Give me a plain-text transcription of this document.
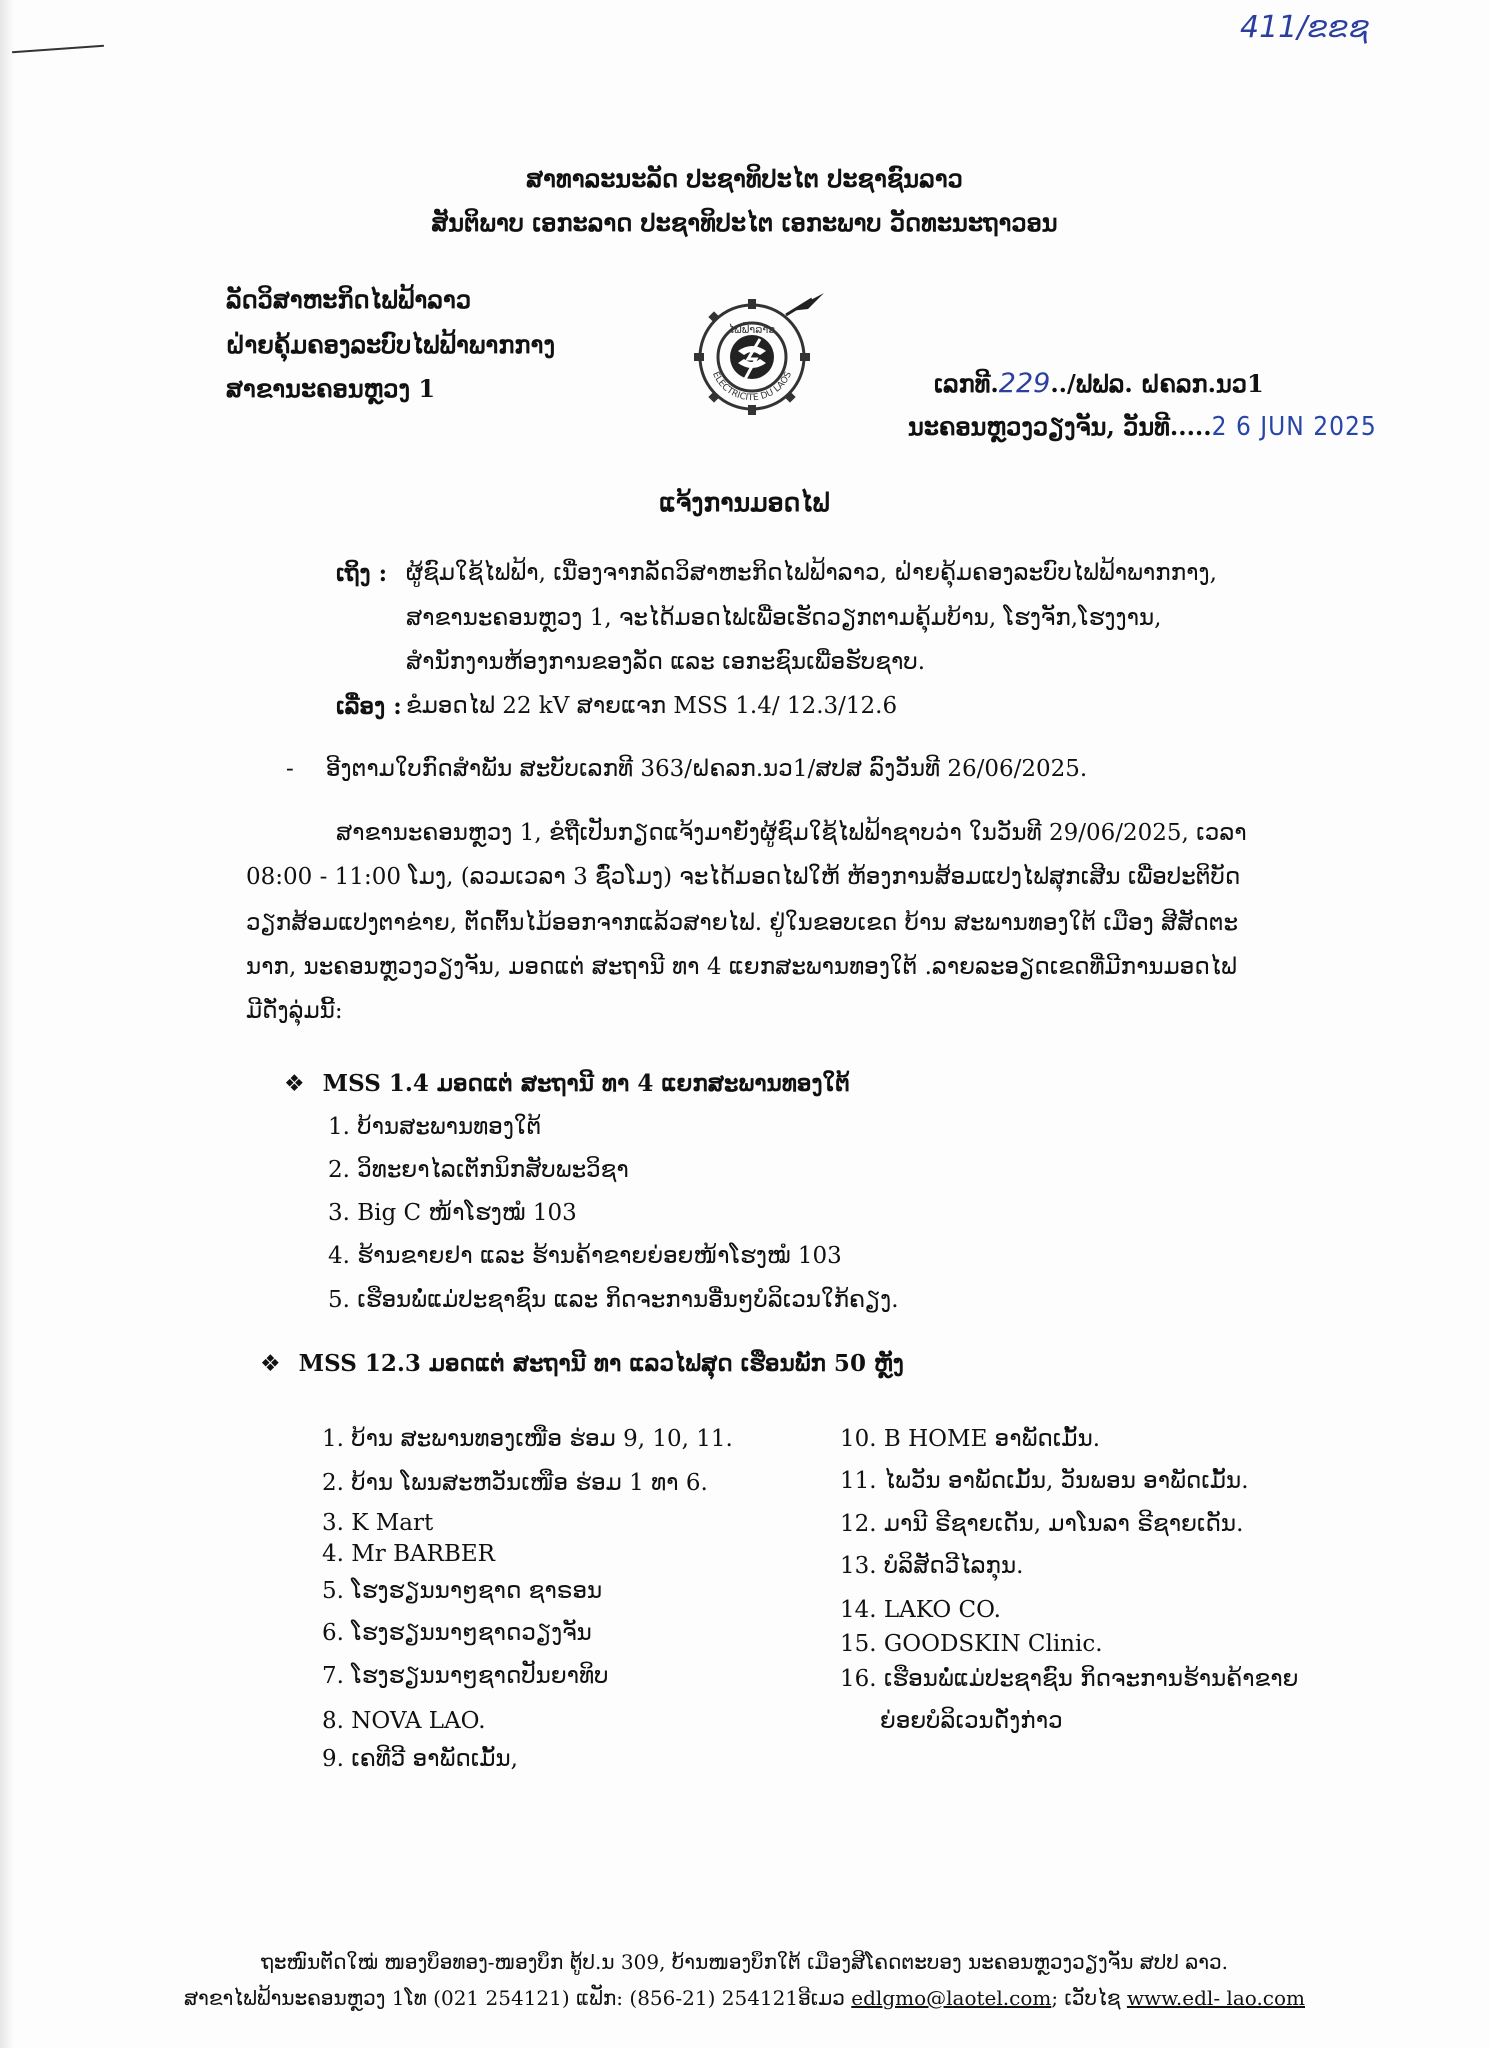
411/ຂຂຊ
ສາທາລະນະລັດ ປະຊາທິປະໄຕ ປະຊາຊົນລາວ
ສັນຕິພາບ ເອກະລາດ ປະຊາທິປະໄຕ ເອກະພາບ ວັດທະນະຖາວອນ
ລັດວິສາຫະກິດໄຟຟ້າລາວ
ຝ່າຍຄຸ້ມຄອງລະບົບໄຟຟ້າພາກກາງ
ສາຂານະຄອນຫຼວງ 1
ໄຟຟ້າລາວ
ELECTRICITE DU LAOS	ເລກທີ.229../ຟຟລ. ຝຄລກ.ນວ1
ນະຄອນຫຼວງວຽງຈັນ, ວັນທີ.....2 6 JUN 2025
ແຈ້ງການມອດໄຟ
ເຖິງ : ຜູ້ຊົມໃຊ້ໄຟຟ້າ, ເນື່ອງຈາກລັດວິສາຫະກິດໄຟຟ້າລາວ, ຝ່າຍຄຸ້ມຄອງລະບົບໄຟຟ້າພາກກາງ,
ສາຂານະຄອນຫຼວງ 1, ຈະໄດ້ມອດໄຟເພື່ອເຮັດວຽກຕາມຄຸ້ມບ້ານ, ໂຮງຈັກ,ໂຮງງານ,
ສຳນັກງານຫ້ອງການຂອງລັດ ແລະ ເອກະຊົນເພື່ອຮັບຊາບ.
ເລື່ອງ : ຂໍມອດໄຟ 22 kV ສາຍແຈກ MSS 1.4/ 12.3/12.6
- ອີງຕາມໃບກົດສຳພັນ ສະບັບເລກທີ 363/ຝຄລກ.ນວ1/ສປສ ລົງວັນທີ 26/06/2025.
ສາຂານະຄອນຫຼວງ 1, ຂໍຖືເປັນກຽດແຈ້ງມາຍັງຜູ້ຊົມໃຊ້ໄຟຟ້າຊາບວ່າ ໃນວັນທີ 29/06/2025, ເວລາ
08:00 - 11:00 ໂມງ, (ລວມເວລາ 3 ຊົ່ວໂມງ) ຈະໄດ້ມອດໄຟໃຫ້ ຫ້ອງການສ້ອມແປງໄຟສຸກເສີນ ເພື່ອປະຕິບັດ
ວຽກສ້ອມແປງຕາຂ່າຍ, ຕັດຕົ້ນໄມ້ອອກຈາກແລ້ວສາຍໄຟ. ຢູ່ໃນຂອບເຂດ ບ້ານ ສະພານທອງໃຕ້ ເມືອງ ສີສັດຕະ
ນາກ, ນະຄອນຫຼວງວຽງຈັນ, ມອດແຕ່ ສະຖານີ ທາ 4 ແຍກສະພານທອງໃຕ້ .ລາຍລະອຽດເຂດທີ່ມີການມອດໄຟ
ມີດັ່ງລຸ່ມນີ້:
❖ MSS 1.4 ມອດແຕ່ ສະຖານີ ທາ 4 ແຍກສະພານທອງໃຕ້
1. ບ້ານສະພານທອງໃຕ້
2. ວິທະຍາໄລເຕັກນິກສັບພະວິຊາ
3. Big C ໜ້າໂຮງໝໍ 103
4. ຮ້ານຂາຍຢາ ແລະ ຮ້ານຄ້າຂາຍຍ່ອຍໜ້າໂຮງໝໍ 103
5. ເຮືອນພໍ່ແມ່ປະຊາຊົນ ແລະ ກິດຈະການອື່ນໆບໍລິເວນໃກ້ຄຽງ.
❖ MSS 12.3 ມອດແຕ່ ສະຖານີ ທາ ແລວໄຟສຸດ ເຮືອນພັກ 50 ຫຼັງ
1. ບ້ານ ສະພານທອງເໜືອ ຮ່ອມ 9, 10, 11.
2. ບ້ານ ໂພນສະຫວັນເໜືອ ຮ່ອມ 1 ທາ 6.
3. K Mart
4. Mr BARBER
5. ໂຮງຮຽນນາໆຊາດ ຊາຣອນ
6. ໂຮງຮຽນນາໆຊາດວຽງຈັນ
7. ໂຮງຮຽນນາໆຊາດປັນຍາທິບ
8. NOVA LAO.
9. ເຄທີວີ ອາພັດເມັ້ນ,
10. B HOME ອາພັດເມັ້ນ.
11. ໄພວັນ ອາພັດເມັ້ນ, ວັນພອນ ອາພັດເມັ້ນ.
12. ມານີ ຣີຊາຍເດັນ, ມາໂນລາ ຣີຊາຍເດັນ.
13. ບໍລິສັດວີໄລກຸນ.
14. LAKO CO.
15. GOODSKIN Clinic.
16. ເຮືອນພໍ່ແມ່ປະຊາຊົນ ກິດຈະການຮ້ານຄ້າຂາຍ
ຍ່ອຍບໍລິເວນດັ່ງກ່າວ
ຖະໜົນຕັດໃໝ່ ໜອງບຶອທອງ-ໜອງບຶກ ຕູ້ປ.ນ 309, ບ້ານໜອງບຶກໃຕ້ ເມືອງສີໂຄດຕະບອງ ນະຄອນຫຼວງວຽງຈັນ ສປປ ລາວ.
ສາຂາໄຟຟ້ານະຄອນຫຼວງ 1ໂທ (021 254121) ແຟັກ: (856-21) 254121ອີເມວ edlgmo@laotel.com; ເວັບໄຊ www.edl- lao.com
